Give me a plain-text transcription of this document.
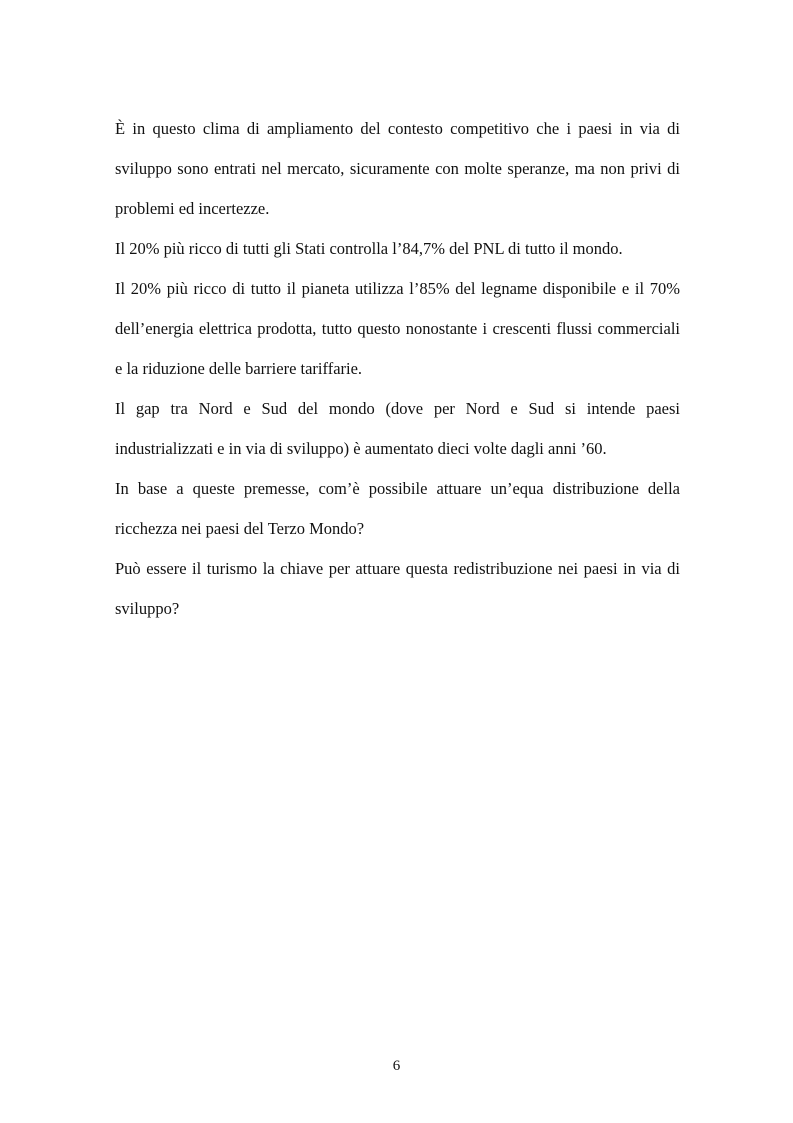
È in questo clima di ampliamento del contesto competitivo che i paesi in via di sviluppo sono entrati nel mercato, sicuramente con molte speranze, ma non privi di problemi ed incertezze.

Il 20% più ricco di tutti gli Stati controlla l’84,7% del PNL di tutto il mondo.

Il 20% più ricco di tutto il pianeta utilizza l’85% del legname disponibile e il 70% dell’energia elettrica prodotta, tutto questo nonostante i crescenti flussi commerciali e la riduzione delle barriere tariffarie.

Il gap tra Nord e Sud del mondo (dove per Nord e Sud si intende paesi industrializzati e in via di sviluppo) è aumentato dieci volte dagli anni ’60.

In base a queste premesse, com’è possibile attuare un’equa distribuzione della ricchezza nei paesi del Terzo Mondo?

Può essere il turismo la chiave per attuare questa redistribuzione nei paesi in via di sviluppo?

6
